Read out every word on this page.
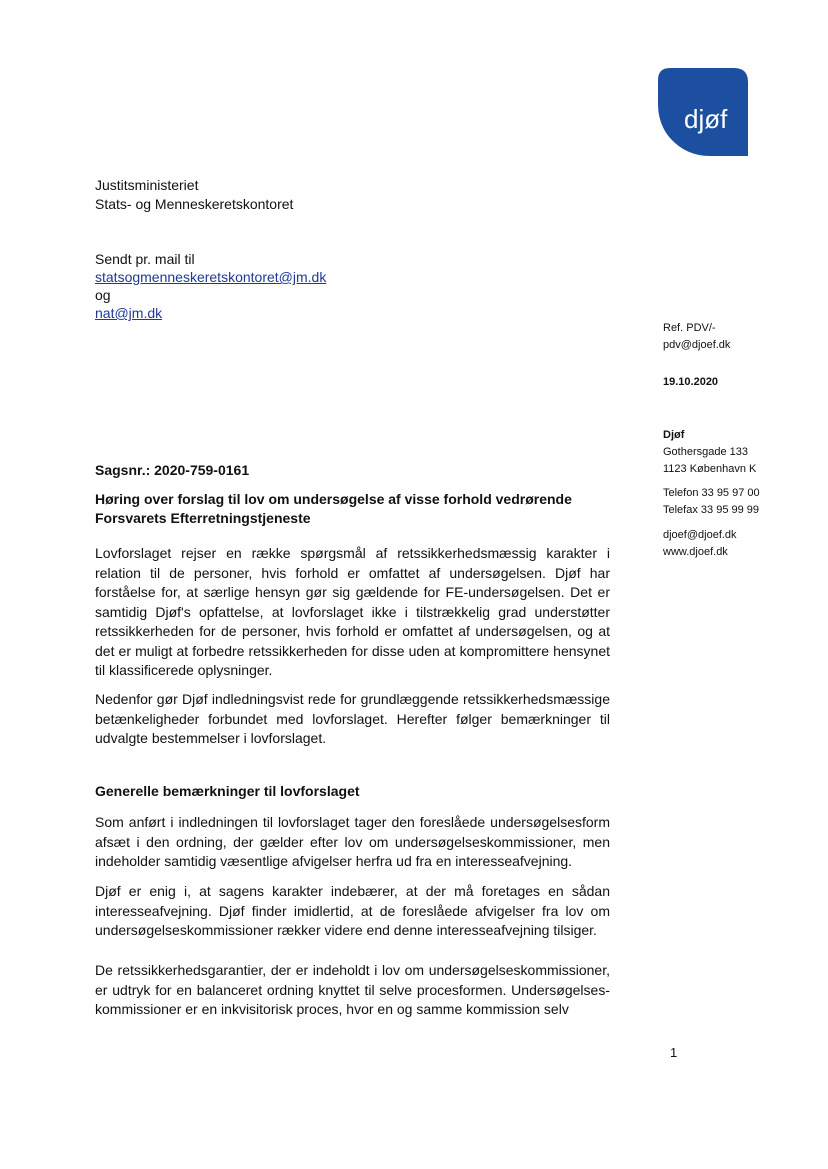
djøf
Justitsministeriet
Stats- og Menneskeretskontoret
Sendt pr. mail til
statsogmenneskeretskontoret@jm.dk
og
nat@jm.dk
Ref. PDV/-
pdv@djoef.dk
19.10.2020
Djøf
Gothersgade 133
1123 København K
Telefon 33 95 97 00
Telefax 33 95 99 99
djoef@djoef.dk
www.djoef.dk
Sagsnr.: 2020-759-0161
Høring over forslag til lov om undersøgelse af visse forhold vedrørende Forsvarets Efterretningstjeneste

Lovforslaget rejser en række spørgsmål af retssikkerhedsmæssig karakter i relation til de personer, hvis forhold er omfattet af undersøgelsen. Djøf har forståelse for, at særlige hensyn gør sig gældende for FE-undersøgelsen. Det er samtidig Djøf's opfattelse, at lovforslaget ikke i tilstrækkelig grad understøtter retssikkerheden for de personer, hvis forhold er omfattet af undersøgelsen, og at det er muligt at forbedre retssikkerheden for disse uden at kompromittere hensynet til klassificerede oplysninger.

Nedenfor gør Djøf indledningsvist rede for grundlæggende retssikkerhedsmæssige betænkeligheder forbundet med lovforslaget. Herefter følger bemærkninger til udvalgte bestemmelser i lovforslaget.

Generelle bemærkninger til lovforslaget

Som anført i indledningen til lovforslaget tager den foreslåede undersøgelsesform afsæt i den ordning, der gælder efter lov om undersøgelseskommissioner, men indeholder samtidig væsentlige afvigelser herfra ud fra en interesseafvejning.

Djøf er enig i, at sagens karakter indebærer, at der må foretages en sådan interesseafvejning. Djøf finder imidlertid, at de foreslåede afvigelser fra lov om undersøgelseskommissioner rækker videre end denne interesseafvejning tilsiger.

De retssikkerhedsgarantier, der er indeholdt i lov om undersøgelseskommissioner, er udtryk for en balanceret ordning knyttet til selve procesformen. Undersøgelses-kommissioner er en inkvisitorisk proces, hvor en og samme kommission selv

1
